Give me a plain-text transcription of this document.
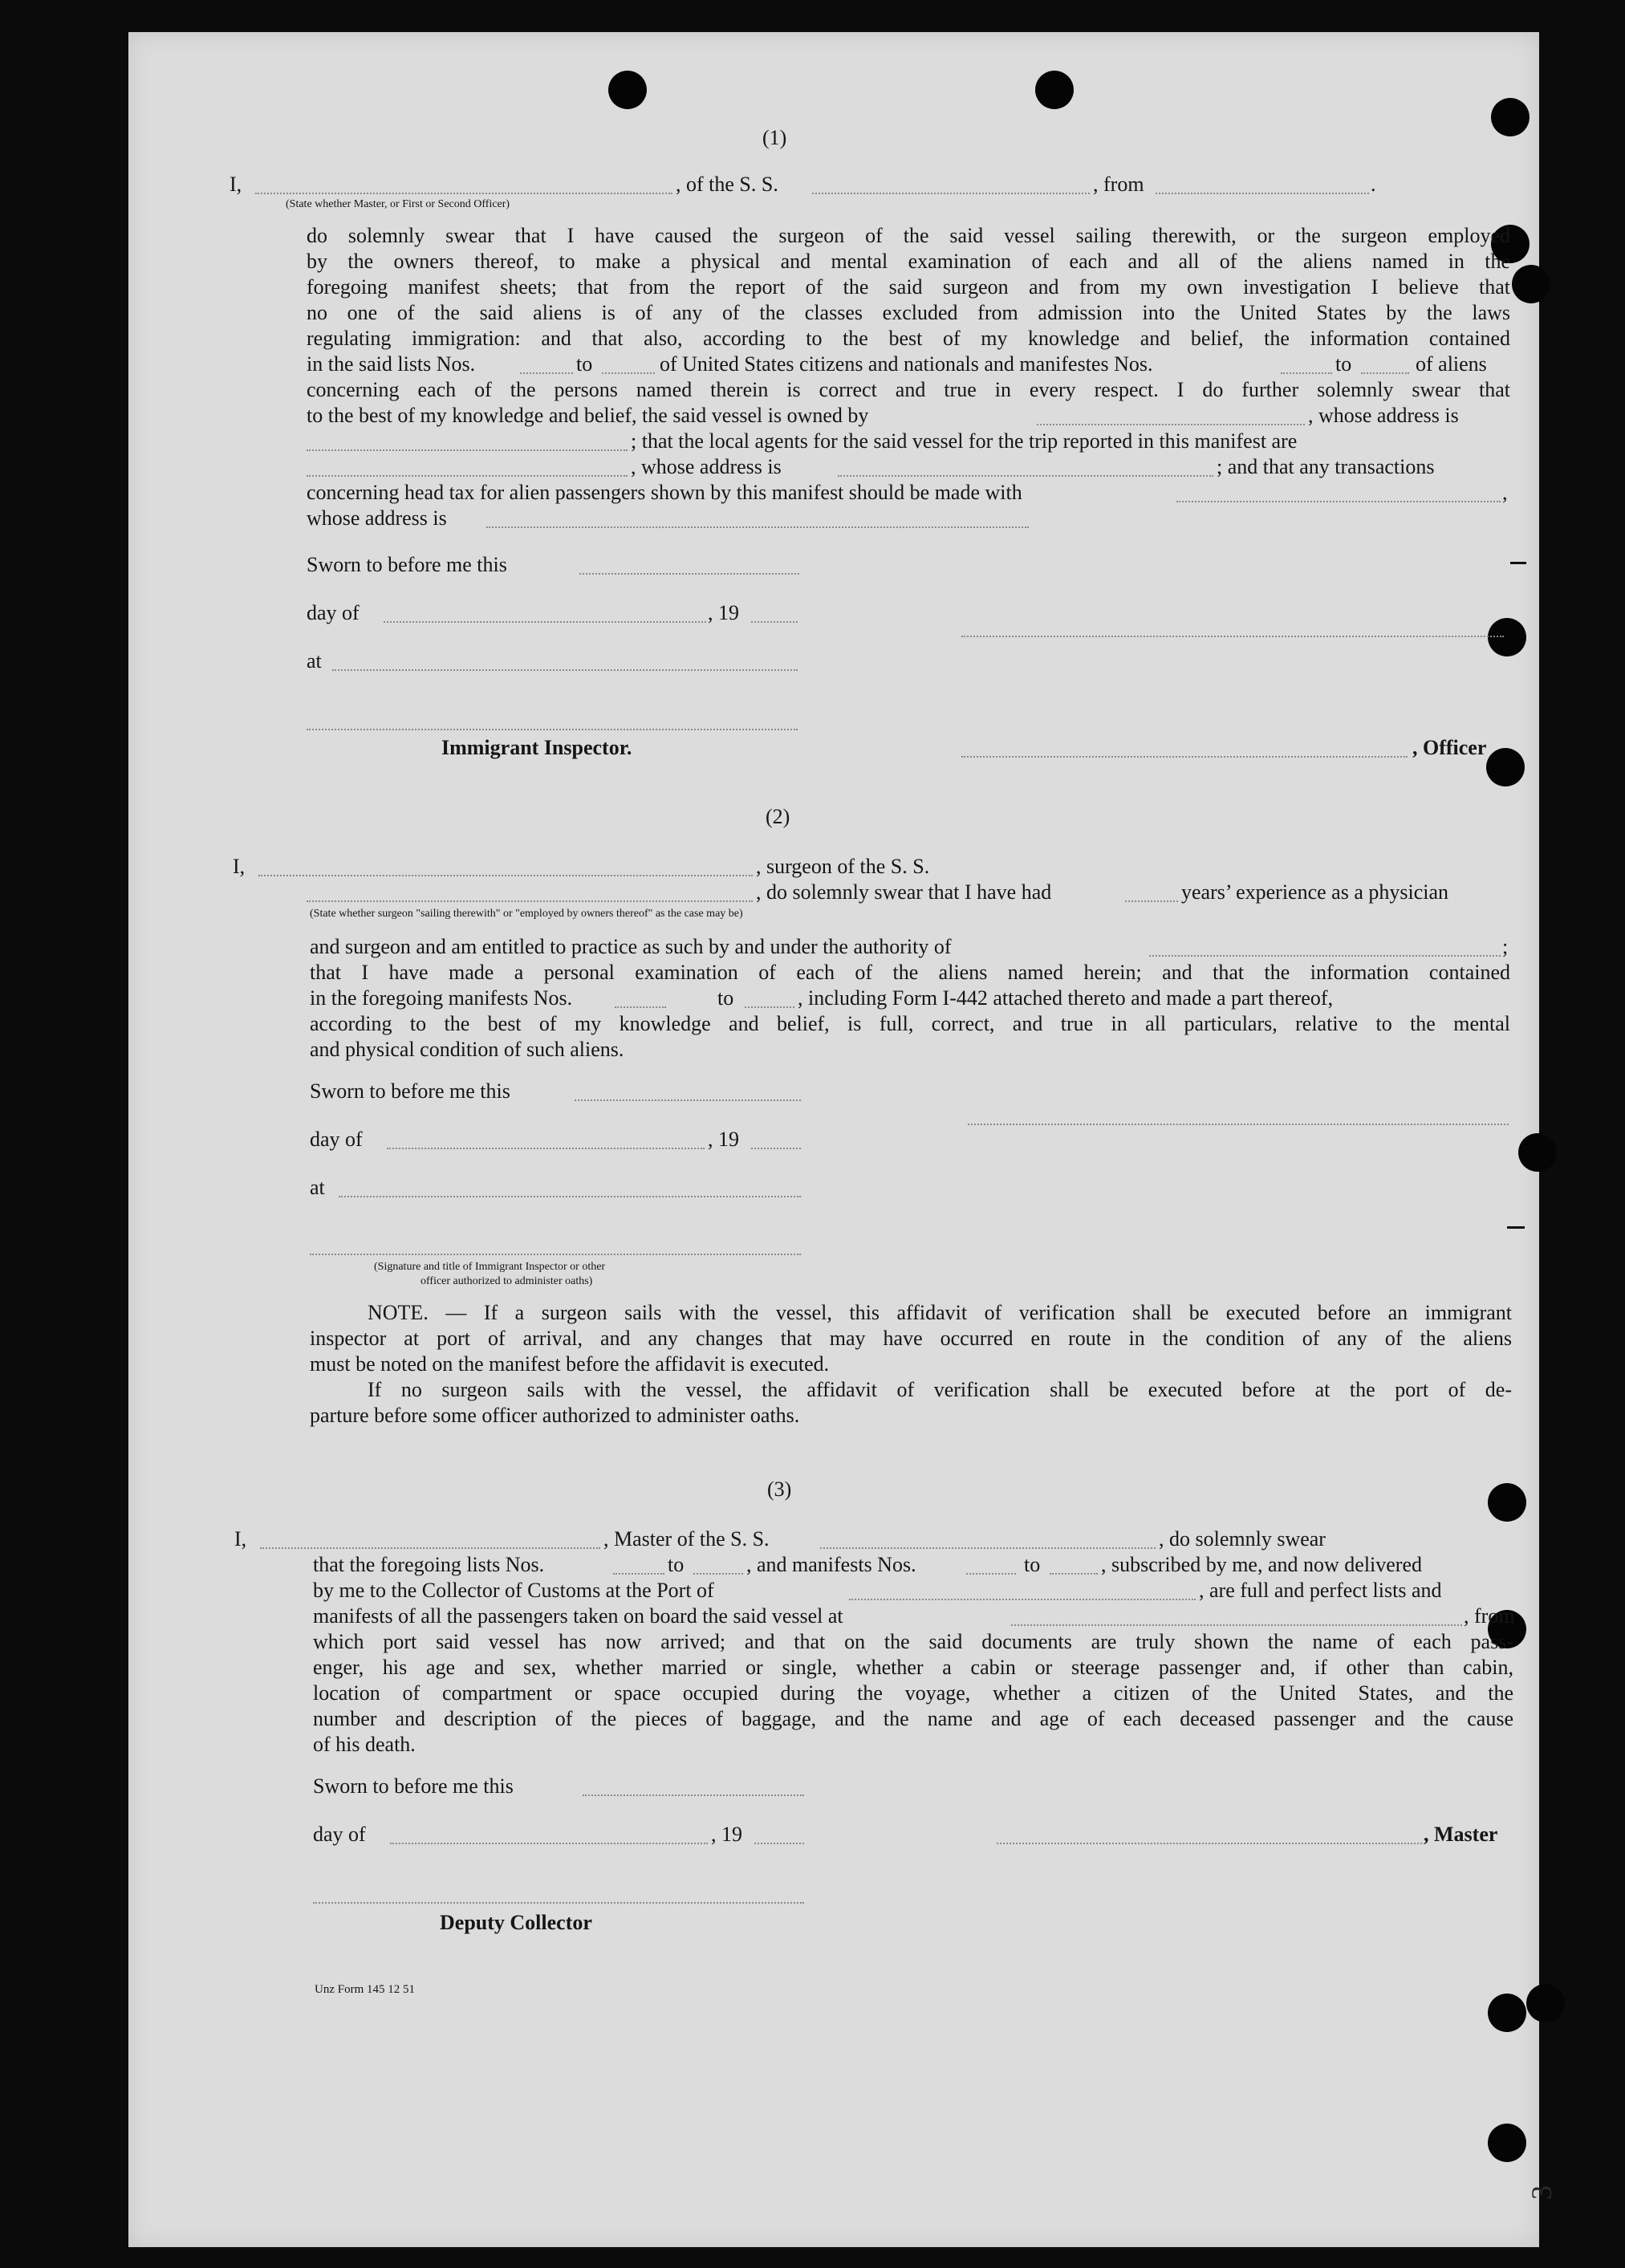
(1)
I,	, of the S. S.	, from	.
(State whether Master, or First or Second Officer)
do solemnly swear that I have caused the surgeon of the said vessel sailing therewith, or the surgeon employed
by the owners thereof, to make a physical and mental examination of each and all of the aliens named in the
foregoing manifest sheets; that from the report of the said surgeon and from my own investigation I believe that
no one of the said aliens is of any of the classes excluded from admission into the United States by the laws
regulating immigration: and that also, according to the best of my knowledge and belief, the information contained
in the said lists Nos.	to	of United States citizens and nationals and manifestes Nos.	to	of aliens
concerning each of the persons named therein is correct and true in every respect. I do further solemnly swear that
to the best of my knowledge and belief, the said vessel is owned by	, whose address is
; that the local agents for the said vessel for the trip reported in this manifest are
, whose address is	; and that any transactions
concerning head tax for alien passengers shown by this manifest should be made with	,
whose address is
Sworn to before me this
day of	, 19
at
Immigrant Inspector.	, Officer
(2)
I,	, surgeon of the S. S.
, do solemnly swear that I have had	years’ experience as a physician
(State whether surgeon "sailing therewith" or "employed by owners thereof" as the case may be)
and surgeon and am entitled to practice as such by and under the authority of	;
that I have made a personal examination of each of the aliens named herein; and that the information contained
in the foregoing manifests Nos.	to	, including Form I-442 attached thereto and made a part thereof,
according to the best of my knowledge and belief, is full, correct, and true in all particulars, relative to the mental
and physical condition of such aliens.
Sworn to before me this
day of	, 19
at
(Signature and title of Immigrant Inspector or other
officer authorized to administer oaths)
NOTE. — If a surgeon sails with the vessel, this affidavit of verification shall be executed before an immigrant
inspector at port of arrival, and any changes that may have occurred en route in the condition of any of the aliens
must be noted on the manifest before the affidavit is executed.
If no surgeon sails with the vessel, the affidavit of verification shall be executed before at the port of de-
parture before some officer authorized to administer oaths.
(3)
I,	, Master of the S. S.	, do solemnly swear
that the foregoing lists Nos.	to	, and manifests Nos.	to	, subscribed by me, and now delivered
by me to the Collector of Customs at the Port of	, are full and perfect lists and
manifests of all the passengers taken on board the said vessel at	, from
which port said vessel has now arrived; and that on the said documents are truly shown the name of each pass-
enger, his age and sex, whether married or single, whether a cabin or steerage passenger and, if other than cabin,
location of compartment or space occupied during the voyage, whether a citizen of the United States, and the
number and description of the pieces of baggage, and the name and age of each deceased passenger and the cause
of his death.
Sworn to before me this
day of	, 19	, Master
Deputy Collector
Unz Form 145 12 51
3
